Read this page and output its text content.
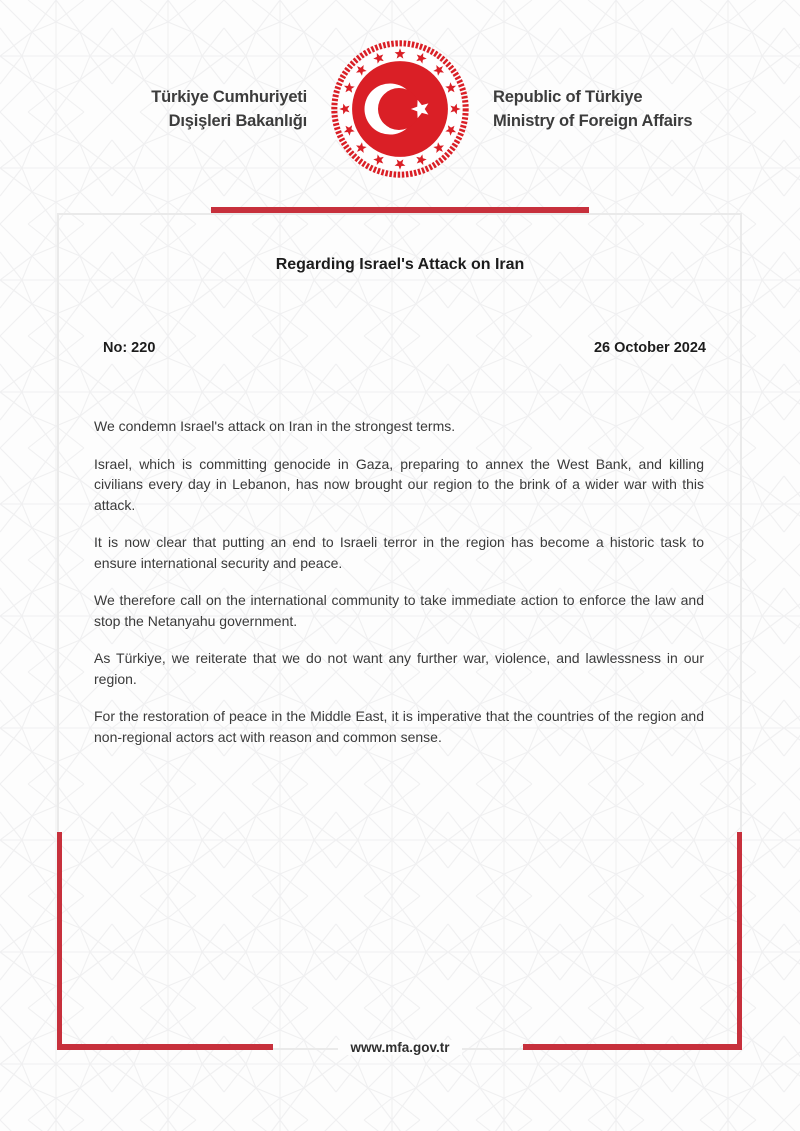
Türkiye Cumhuriyeti
Dışişleri Bakanlığı
Republic of Türkiye
Ministry of Foreign Affairs
Regarding Israel's Attack on Iran
No: 220	26 October 2024

We condemn Israel's attack on Iran in the strongest terms.

Israel, which is committing genocide in Gaza, preparing to annex the West Bank, and killing civilians every day in Lebanon, has now brought our region to the brink of a wider war with this attack.

It is now clear that putting an end to Israeli terror in the region has become a historic task to ensure international security and peace.

We therefore call on the international community to take immediate action to enforce the law and stop the Netanyahu government.

As Türkiye, we reiterate that we do not want any further war, violence, and lawlessness in our region.

For the restoration of peace in the Middle East, it is imperative that the countries of the region and non-regional actors act with reason and common sense.

www.mfa.gov.tr
